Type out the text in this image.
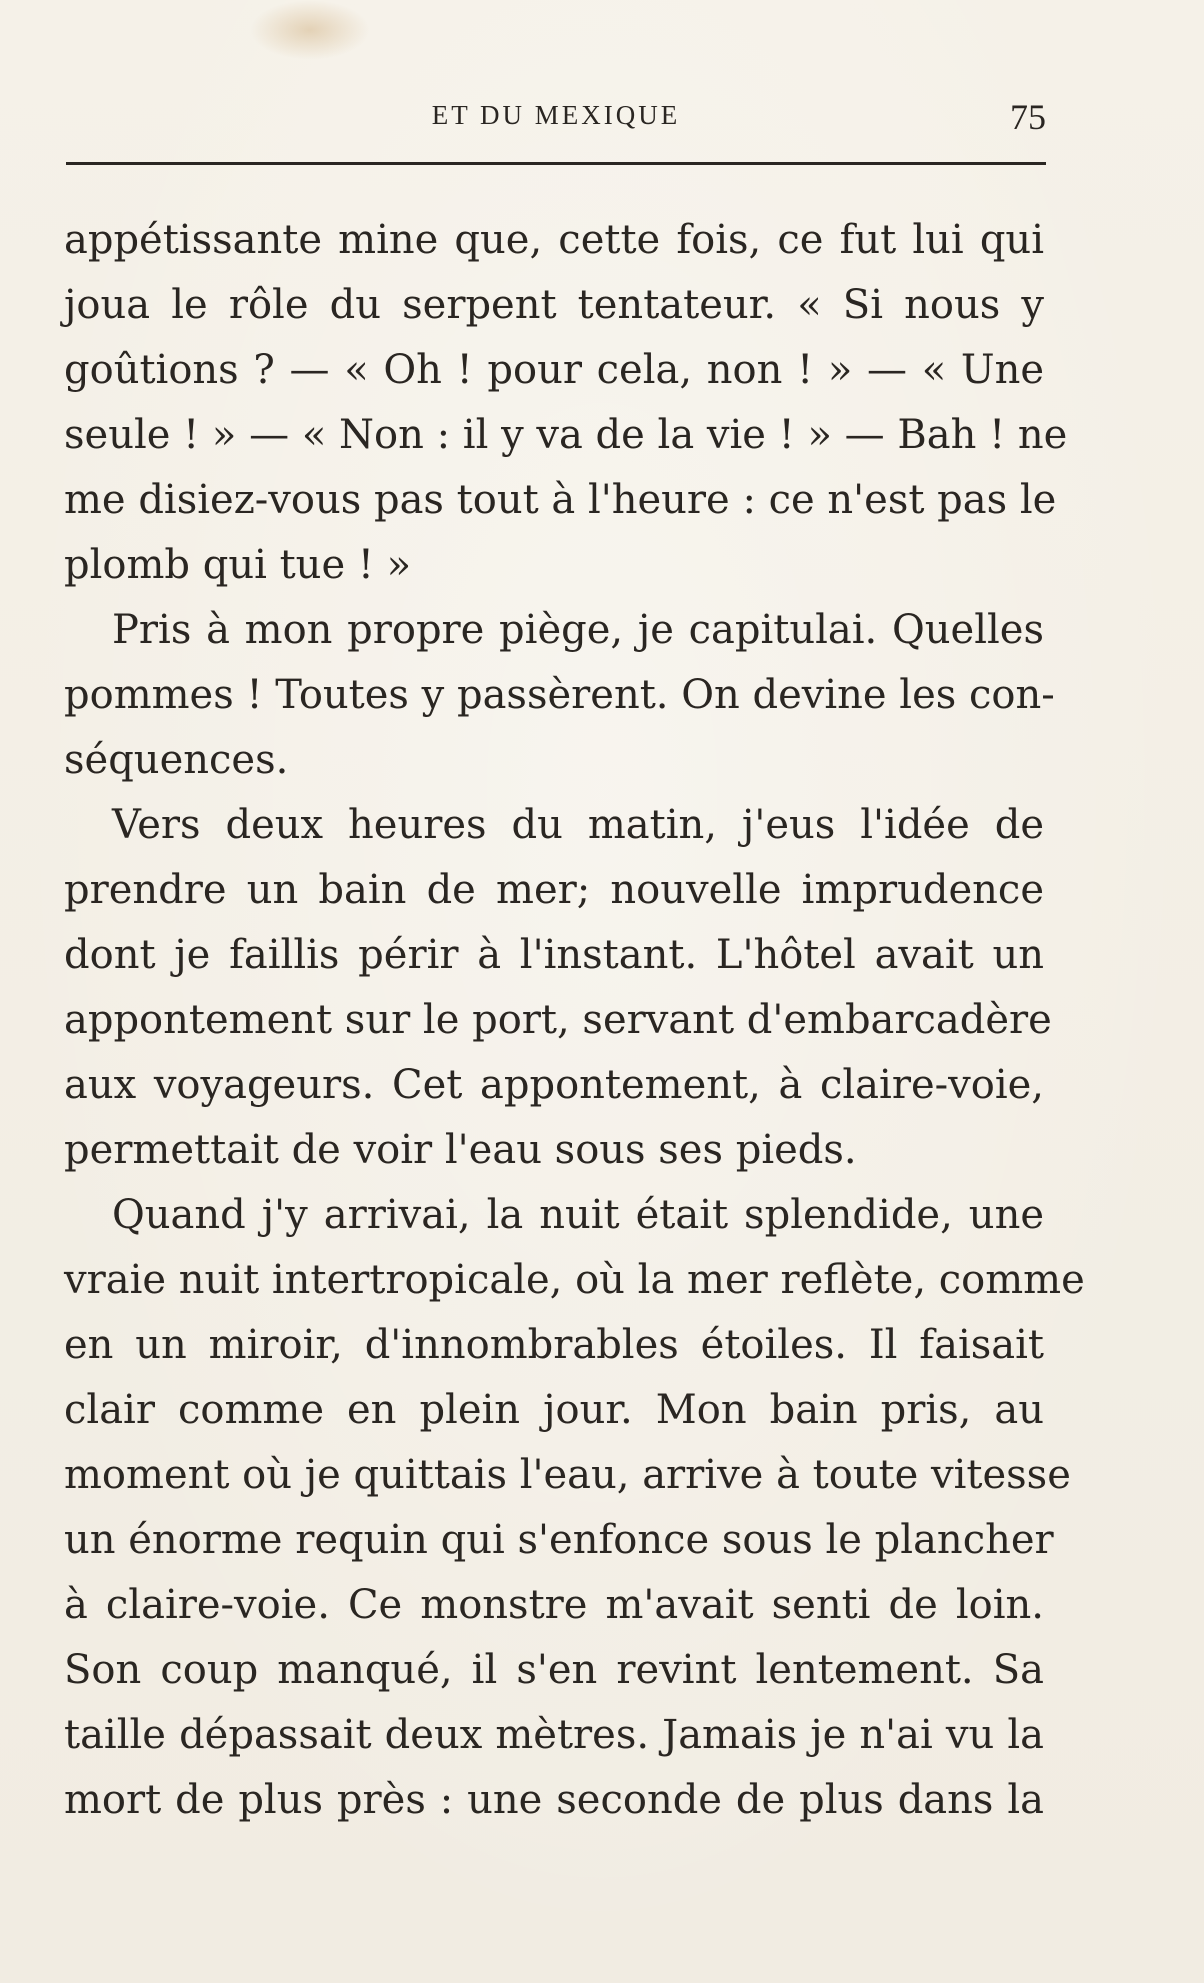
ET DU MEXIQUE	75
appétissante mine que, cette fois, ce fut lui qui
joua le rôle du serpent tentateur. « Si nous y
goûtions ? — « Oh ! pour cela, non ! » — « Une
seule ! » — « Non : il y va de la vie ! » — Bah ! ne
me disiez-vous pas tout à l'heure : ce n'est pas le
plomb qui tue ! »
Pris à mon propre piège, je capitulai. Quelles
pommes ! Toutes y passèrent. On devine les con-
séquences.
Vers deux heures du matin, j'eus l'idée de
prendre un bain de mer; nouvelle imprudence
dont je faillis périr à l'instant. L'hôtel avait un
appontement sur le port, servant d'embarcadère
aux voyageurs. Cet appontement, à claire-voie,
permettait de voir l'eau sous ses pieds.
Quand j'y arrivai, la nuit était splendide, une
vraie nuit intertropicale, où la mer reflète, comme
en un miroir, d'innombrables étoiles. Il faisait
clair comme en plein jour. Mon bain pris, au
moment où je quittais l'eau, arrive à toute vitesse
un énorme requin qui s'enfonce sous le plancher
à claire-voie. Ce monstre m'avait senti de loin.
Son coup manqué, il s'en revint lentement. Sa
taille dépassait deux mètres. Jamais je n'ai vu la
mort de plus près : une seconde de plus dans la
